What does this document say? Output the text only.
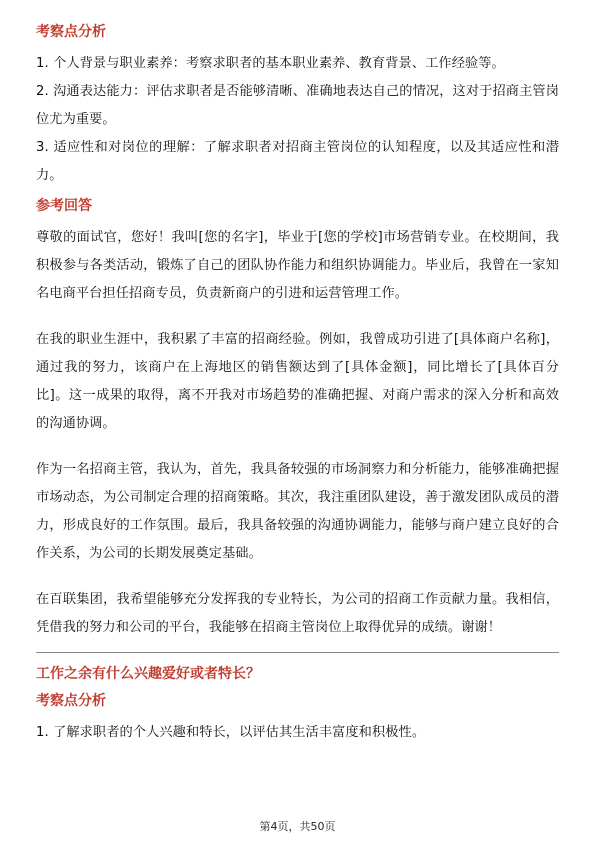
考察点分析

1. 个人背景与职业素养：考察求职者的基本职业素养、教育背景、工作经验等。

2. 沟通表达能力：评估求职者是否能够清晰、准确地表达自己的情况，这对于招商主管岗位尤为重要。

3. 适应性和对岗位的理解：了解求职者对招商主管岗位的认知程度，以及其适应性和潜力。

参考回答

尊敬的面试官，您好！我叫[您的名字]，毕业于[您的学校]市场营销专业。在校期间，我积极参与各类活动，锻炼了自己的团队协作能力和组织协调能力。毕业后，我曾在一家知名电商平台担任招商专员，负责新商户的引进和运营管理工作。

在我的职业生涯中，我积累了丰富的招商经验。例如，我曾成功引进了[具体商户名称]，通过我的努力，该商户在上海地区的销售额达到了[具体金额]，同比增长了[具体百分比]。这一成果的取得，离不开我对市场趋势的准确把握、对商户需求的深入分析和高效的沟通协调。

作为一名招商主管，我认为，首先，我具备较强的市场洞察力和分析能力，能够准确把握市场动态，为公司制定合理的招商策略。其次，我注重团队建设，善于激发团队成员的潜力，形成良好的工作氛围。最后，我具备较强的沟通协调能力，能够与商户建立良好的合作关系，为公司的长期发展奠定基础。

在百联集团，我希望能够充分发挥我的专业特长，为公司的招商工作贡献力量。我相信，凭借我的努力和公司的平台，我能够在招商主管岗位上取得优异的成绩。谢谢！

工作之余有什么兴趣爱好或者特长？
考察点分析

1. 了解求职者的个人兴趣和特长，以评估其生活丰富度和积极性。

第4页，共50页
